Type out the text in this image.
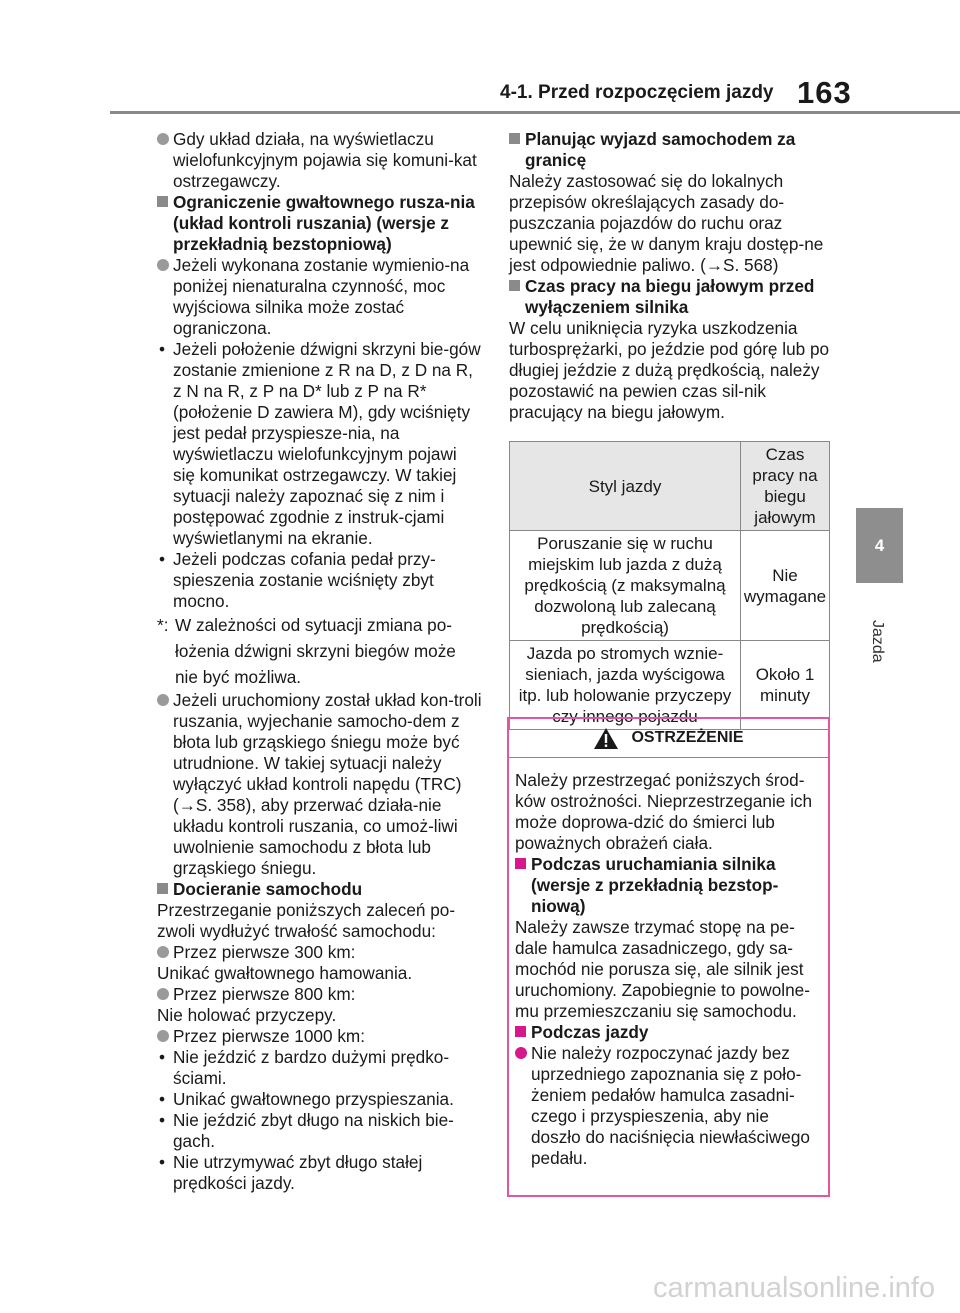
4-1. Przed rozpoczęciem jazdy 163
4
Jazda

Gdy układ działa, na wyświetlaczu wielofunkcyjnym pojawia się komuni-kat ostrzegawczy.

Ograniczenie gwałtownego rusza-nia (układ kontroli ruszania) (wersje z przekładnią bezstopniową)

Jeżeli wykonana zostanie wymienio-na poniżej nienaturalna czynność, moc wyjściowa silnika może zostać ograniczona.

• Jeżeli położenie dźwigni skrzyni bie-gów zostanie zmienione z R na D, z D na R, z N na R, z P na D* lub z P na R* (położenie D zawiera M), gdy wciśnięty jest pedał przyspiesze-nia, na wyświetlaczu wielofunkcyjnym pojawi się komunikat ostrzegawczy. W takiej sytuacji należy zapoznać się z nim i postępować zgodnie z instruk-cjami wyświetlanymi na ekranie.

• Jeżeli podczas cofania pedał przy-spieszenia zostanie wciśnięty zbyt mocno.

*: W zależności od sytuacji zmiana po-łożenia dźwigni skrzyni biegów może nie być możliwa.

Jeżeli uruchomiony został układ kon-troli ruszania, wyjechanie samocho-dem z błota lub grząskiego śniegu może być utrudnione. W takiej sytuacji należy wyłączyć układ kontroli napędu (TRC) (→S. 358), aby przerwać działa-nie układu kontroli ruszania, co umoż-liwi uwolnienie samochodu z błota lub grząskiego śniegu.

Docieranie samochodu

Przestrzeganie poniższych zaleceń po-zwoli wydłużyć trwałość samochodu:

Przez pierwsze 300 km:

Unikać gwałtownego hamowania.

Przez pierwsze 800 km:

Nie holować przyczepy.

Przez pierwsze 1000 km:

• Nie jeździć z bardzo dużymi prędko-ściami.

• Unikać gwałtownego przyspieszania.

• Nie jeździć zbyt długo na niskich bie-gach.

• Nie utrzymywać zbyt długo stałej prędkości jazdy.

Planując wyjazd samochodem za granicę

Należy zastosować się do lokalnych przepisów określających zasady do-puszczania pojazdów do ruchu oraz upewnić się, że w danym kraju dostęp-ne jest odpowiednie paliwo. (→S. 568)

Czas pracy na biegu jałowym przed wyłączeniem silnika

W celu uniknięcia ryzyka uszkodzenia turbosprężarki, po jeździe pod górę lub po długiej jeździe z dużą prędkością, należy pozostawić na pewien czas sil-nik pracujący na biegu jałowym.

Styl jazdy	Czas pracy na biegu jałowym
Poruszanie się w ruchu miejskim lub jazda z dużą prędkością (z maksymalną dozwoloną lub zalecaną prędkością)	Nie wymagane
Jazda po stromych wznie-sieniach, jazda wyścigowa itp. lub holowanie przyczepy czy innego pojazdu	Około 1 minuty
OSTRZEŻENIE

Należy przestrzegać poniższych środ-ków ostrożności. Nieprzestrzeganie ich może doprowa-dzić do śmierci lub poważnych obrażeń ciała.

Podczas uruchamiania silnika (wersje z przekładnią bezstop-niową)

Należy zawsze trzymać stopę na pe-dale hamulca zasadniczego, gdy sa-mochód nie porusza się, ale silnik jest uruchomiony. Zapobiegnie to powolne-mu przemieszczaniu się samochodu.

Podczas jazdy

Nie należy rozpoczynać jazdy bez uprzedniego zapoznania się z poło-żeniem pedałów hamulca zasadni-czego i przyspieszenia, aby nie doszło do naciśnięcia niewłaściwego pedału.

carmanualsonline.info
